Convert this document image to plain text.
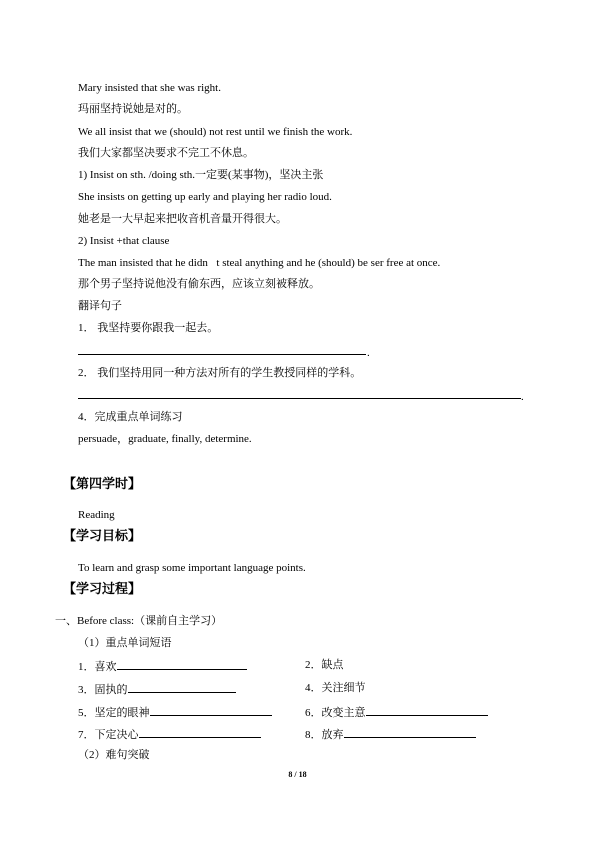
Mary insisted that she was right.
玛丽坚持说她是对的。
We all insist that we (should) not rest until we finish the work.
我们大家都坚决要求不完工不休息。
1) Insist on sth. /doing sth.一定要(某事物)，坚决主张
She insists on getting up early and playing her radio loud.
她老是一大早起来把收音机音量开得很大。
2) Insist +that clause
The man insisted that he didn t steal anything and he (should) be ser free at once.
那个男子坚持说他没有偷东西，应该立刻被释放。
翻译句子
1． 我坚持要你跟我一起去。
.
2． 我们坚持用同一种方法对所有的学生教授同样的学科。
.
4．完成重点单词练习
persuade，graduate, finally, determine.
【第四学时】
Reading
【学习目标】
To learn and grasp some important language points.
【学习过程】
一、Before class:（课前自主学习）
（1）重点单词短语
1．喜欢	2．缺点
3．固执的	4．关注细节
5．坚定的眼神	6．改变主意
7．下定决心	8．放弃
（2）难句突破
8 / 18
